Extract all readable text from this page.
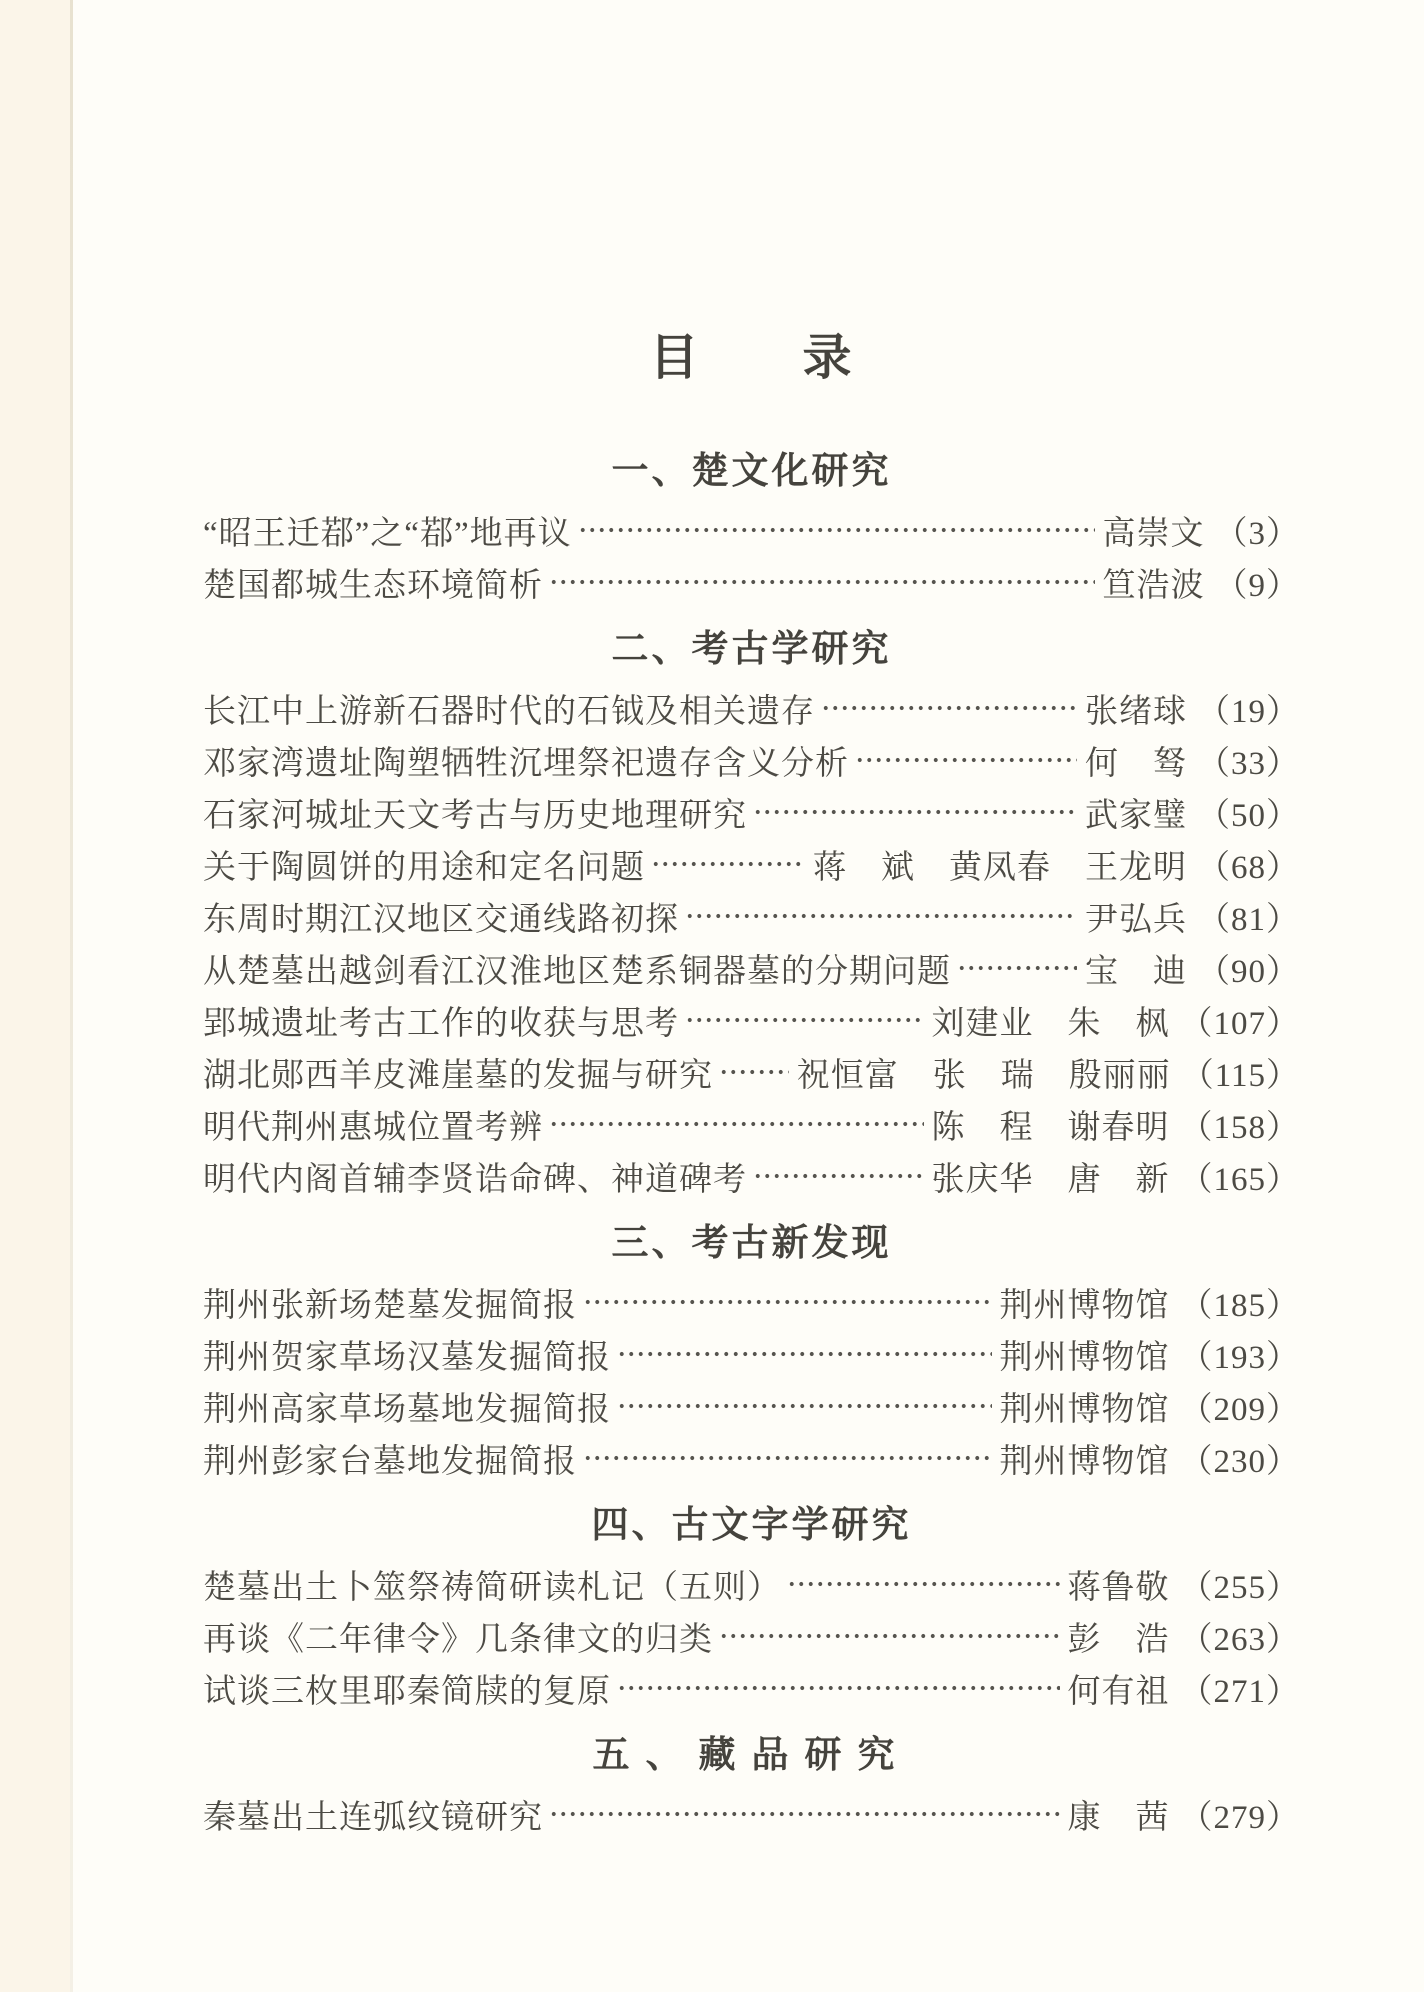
目　　录
一、楚文化研究
“昭王迁鄀”之“鄀”地再议	高崇文 （3）
楚国都城生态环境简析	笪浩波 （9）
二、考古学研究
长江中上游新石器时代的石钺及相关遗存	张绪球 （19）
邓家湾遗址陶塑牺牲沉埋祭祀遗存含义分析	何　驽 （33）
石家河城址天文考古与历史地理研究	武家璧 （50）
关于陶圆饼的用途和定名问题	蒋　斌　黄凤春　王龙明 （68）
东周时期江汉地区交通线路初探	尹弘兵 （81）
从楚墓出越剑看江汉淮地区楚系铜器墓的分期问题	宝　迪 （90）
郢城遗址考古工作的收获与思考	刘建业　朱　枫 （107）
湖北郧西羊皮滩崖墓的发掘与研究	祝恒富　张　瑞　殷丽丽 （115）
明代荆州惠城位置考辨	陈　程　谢春明 （158）
明代内阁首辅李贤诰命碑、神道碑考	张庆华　唐　新 （165）
三、考古新发现
荆州张新场楚墓发掘简报	荆州博物馆 （185）
荆州贺家草场汉墓发掘简报	荆州博物馆 （193）
荆州高家草场墓地发掘简报	荆州博物馆 （209）
荆州彭家台墓地发掘简报	荆州博物馆 （230）
四、古文字学研究
楚墓出土卜筮祭祷简研读札记（五则）	蒋鲁敬 （255）
再谈《二年律令》几条律文的归类	彭　浩 （263）
试谈三枚里耶秦简牍的复原	何有祖 （271）
五、藏品研究
秦墓出土连弧纹镜研究	康　茜 （279）
